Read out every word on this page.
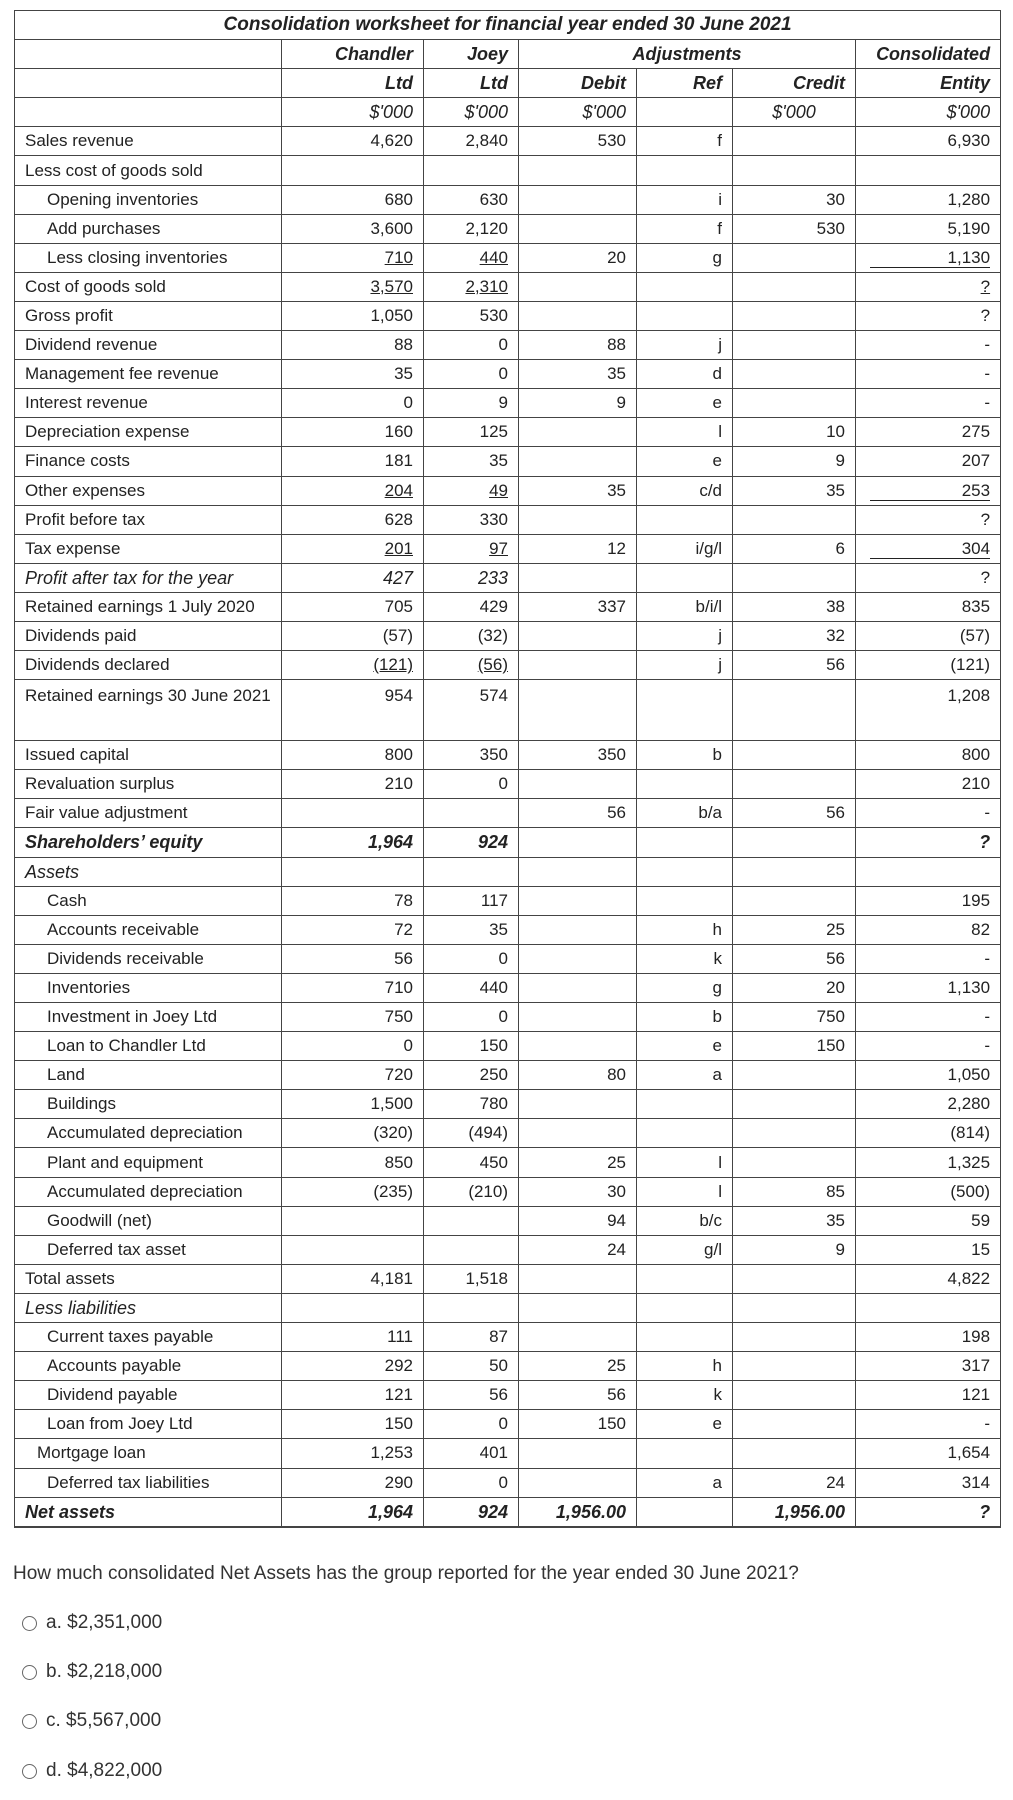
Consolidation worksheet for financial year ended 30 June 2021						
	Chandler	Joey	Adjustments			Consolidated
	Ltd	Ltd	Debit	Ref	Credit	Entity
	$'000	$'000	$'000		$'000	$'000
Sales revenue	4,620	2,840	530	f		6,930
Less cost of goods sold						
Opening inventories	680	630		i	30	1,280
Add purchases	3,600	2,120		f	530	5,190
Less closing inventories	710	440	20	g		1,130
Cost of goods sold	3,570	2,310				?
Gross profit	1,050	530				?
Dividend revenue	88	0	88	j		-
Management fee revenue	35	0	35	d		-
Interest revenue	0	9	9	e		-
Depreciation expense	160	125		l	10	275
Finance costs	181	35		e	9	207
Other expenses	204	49	35	c/d	35	253
Profit before tax	628	330				?
Tax expense	201	97	12	i/g/l	6	304
Profit after tax for the year	427	233				?
Retained earnings 1 July 2020	705	429	337	b/i/l	38	835
Dividends paid	(57)	(32)		j	32	(57)
Dividends declared	(121)	(56)		j	56	(121)
Retained earnings 30 June 2021	954	574				1,208
Issued capital	800	350	350	b		800
Revaluation surplus	210	0				210
Fair value adjustment			56	b/a	56	-
Shareholders’ equity	1,964	924				?
Assets						
Cash	78	117				195
Accounts receivable	72	35		h	25	82
Dividends receivable	56	0		k	56	-
Inventories	710	440		g	20	1,130
Investment in Joey Ltd	750	0		b	750	-
Loan to Chandler Ltd	0	150		e	150	-
Land	720	250	80	a		1,050
Buildings	1,500	780				2,280
Accumulated depreciation	(320)	(494)				(814)
Plant and equipment	850	450	25	l		1,325
Accumulated depreciation	(235)	(210)	30	l	85	(500)
Goodwill (net)			94	b/c	35	59
Deferred tax asset			24	g/l	9	15
Total assets	4,181	1,518				4,822
Less liabilities						
Current taxes payable	111	87				198
Accounts payable	292	50	25	h		317
Dividend payable	121	56	56	k		121
Loan from Joey Ltd	150	0	150	e		-
Mortgage loan	1,253	401				1,654
Deferred tax liabilities	290	0		a	24	314
Net assets	1,964	924	1,956.00		1,956.00	?
How much consolidated Net Assets has the group reported for the year ended 30 June 2021?
a. $2,351,000
b. $2,218,000
c. $5,567,000
d. $4,822,000
